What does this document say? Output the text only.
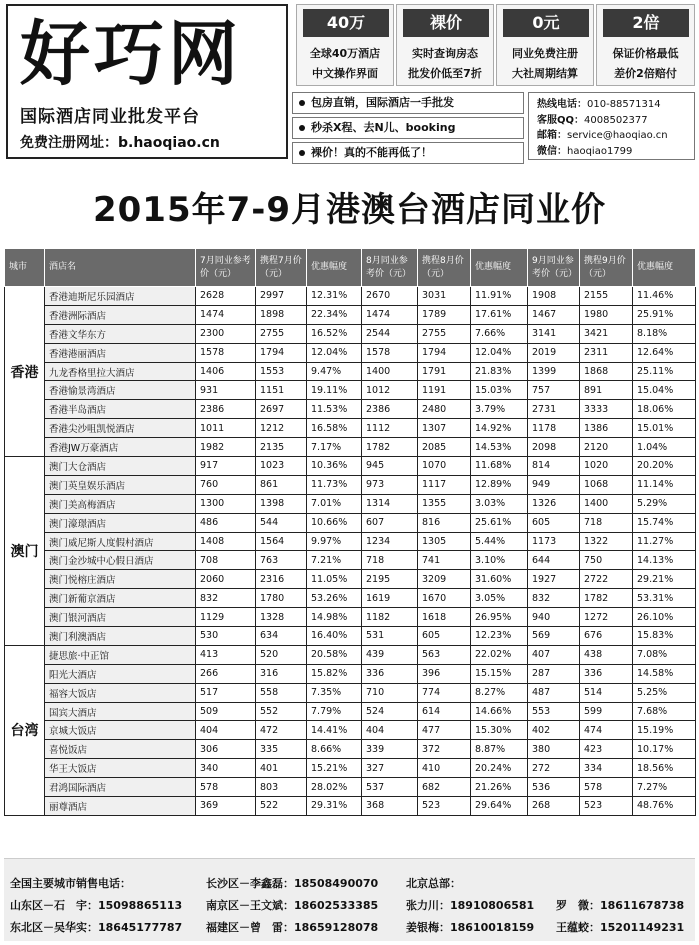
好巧网
国际酒店同业批发平台
免费注册网址：b.haoqiao.cn
40万
全球40万酒店
中文操作界面
裸价
实时查询房态
批发价低至7折
0元
同业免费注册
大社周期结算
2倍
保证价格最低
差价2倍赔付
包房直销，国际酒店一手批发
秒杀X程、去N儿、booking
裸价！真的不能再低了！
热线电话：010-88571314
客服QQ：4008502377
邮箱：service@haoqiao.cn
微信：haoqiao1799
2015年7-9月港澳台酒店同业价
城市	酒店名	7月同业参考价（元）	携程7月价（元）	优惠幅度	8月同业参考价（元）	携程8月价（元）	优惠幅度	9月同业参考价（元）	携程9月价（元）	优惠幅度
香港	香港迪斯尼乐园酒店	2628	2997	12.31%	2670	3031	11.91%	1908	2155	11.46%
	香港洲际酒店	1474	1898	22.34%	1474	1789	17.61%	1467	1980	25.91%
	香港文华东方	2300	2755	16.52%	2544	2755	7.66%	3141	3421	8.18%
	香港港丽酒店	1578	1794	12.04%	1578	1794	12.04%	2019	2311	12.64%
	九龙香格里拉大酒店	1406	1553	9.47%	1400	1791	21.83%	1399	1868	25.11%
	香港愉景湾酒店	931	1151	19.11%	1012	1191	15.03%	757	891	15.04%
	香港半岛酒店	2386	2697	11.53%	2386	2480	3.79%	2731	3333	18.06%
	香港尖沙咀凯悦酒店	1011	1212	16.58%	1112	1307	14.92%	1178	1386	15.01%
	香港JW万豪酒店	1982	2135	7.17%	1782	2085	14.53%	2098	2120	1.04%
澳门	澳门大仓酒店	917	1023	10.36%	945	1070	11.68%	814	1020	20.20%
	澳门英皇娱乐酒店	760	861	11.73%	973	1117	12.89%	949	1068	11.14%
	澳门美高梅酒店	1300	1398	7.01%	1314	1355	3.03%	1326	1400	5.29%
	澳门濠璟酒店	486	544	10.66%	607	816	25.61%	605	718	15.74%
	澳门威尼斯人度假村酒店	1408	1564	9.97%	1234	1305	5.44%	1173	1322	11.27%
	澳门金沙城中心假日酒店	708	763	7.21%	718	741	3.10%	644	750	14.13%
	澳门悦榕庄酒店	2060	2316	11.05%	2195	3209	31.60%	1927	2722	29.21%
	澳门新葡京酒店	832	1780	53.26%	1619	1670	3.05%	832	1782	53.31%
	澳门银河酒店	1129	1328	14.98%	1182	1618	26.95%	940	1272	26.10%
	澳门利澳酒店	530	634	16.40%	531	605	12.23%	569	676	15.83%
台湾	捷思旅·中正馆	413	520	20.58%	439	563	22.02%	407	438	7.08%
	阳光大酒店	266	316	15.82%	336	396	15.15%	287	336	14.58%
	福容大饭店	517	558	7.35%	710	774	8.27%	487	514	5.25%
	国宾大酒店	509	552	7.79%	524	614	14.66%	553	599	7.68%
	京城大饭店	404	472	14.41%	404	477	15.30%	402	474	15.19%
	喜悦饭店	306	335	8.66%	339	372	8.87%	380	423	10.17%
	华王大饭店	340	401	15.21%	327	410	20.24%	272	334	18.56%
	君鸿国际酒店	578	803	28.02%	537	682	21.26%	536	578	7.27%
	丽尊酒店	369	522	29.31%	368	523	29.64%	268	523	48.76%
全国主要城市销售电话：
山东区－石　宇：15098865113
东北区－吴华实：18645177787
长沙区－李鑫磊：18508490070
南京区－王文斌：18602533385
福建区－曾　雷：18659128078
北京总部：
张力川：18910806581
姜银梅：18610018159

罗　微：18611678738
王蕴蛟：15201149231
